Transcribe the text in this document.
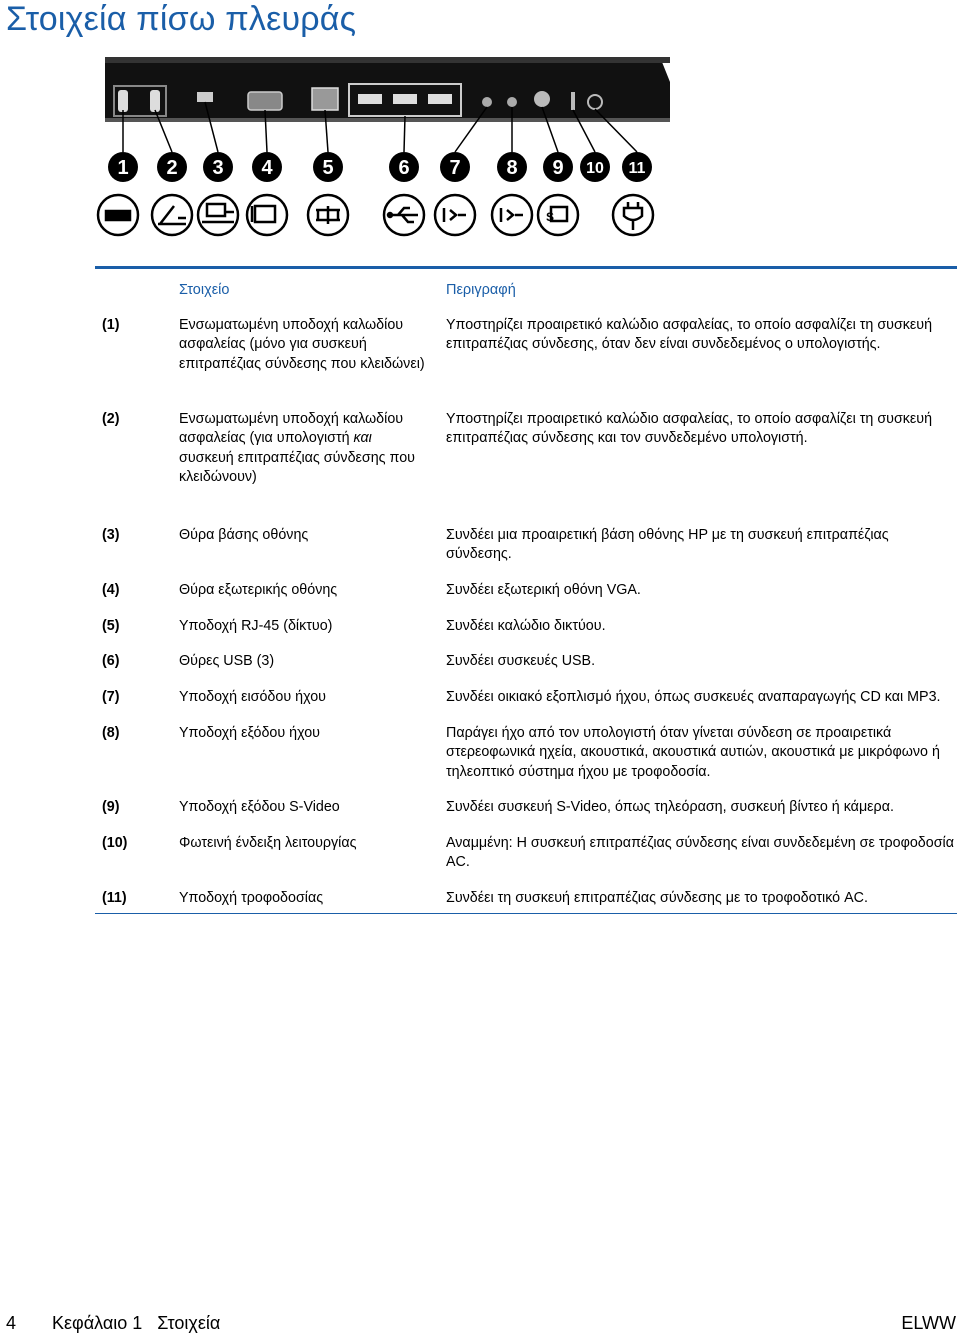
Στοιχεία πίσω πλευράς
1 2 3 4 5	6 7 8 9 10 11
S
	Στοιχείο	Περιγραφή
(1)	Ενσωματωμένη υποδοχή καλωδίου ασφαλείας (μόνο για συσκευή επιτραπέζιας σύνδεσης που κλειδώνει)	Υποστηρίζει προαιρετικό καλώδιο ασφαλείας, το οποίο ασφαλίζει τη συσκευή επιτραπέζιας σύνδεσης, όταν δεν είναι συνδεδεμένος ο υπολογιστής.
(2)	Ενσωματωμένη υποδοχή καλωδίου ασφαλείας (για υπολογιστή και συσκευή επιτραπέζιας σύνδεσης που κλειδώνουν)	Υποστηρίζει προαιρετικό καλώδιο ασφαλείας, το οποίο ασφαλίζει τη συσκευή επιτραπέζιας σύνδεσης και τον συνδεδεμένο υπολογιστή.
(3)	Θύρα βάσης οθόνης	Συνδέει μια προαιρετική βάση οθόνης HP με τη συσκευή επιτραπέζιας σύνδεσης.
(4)	Θύρα εξωτερικής οθόνης	Συνδέει εξωτερική οθόνη VGA.
(5)	Υποδοχή RJ-45 (δίκτυο)	Συνδέει καλώδιο δικτύου.
(6)	Θύρες USB (3)	Συνδέει συσκευές USB.
(7)	Υποδοχή εισόδου ήχου	Συνδέει οικιακό εξοπλισμό ήχου, όπως συσκευές αναπαραγωγής CD και MP3.
(8)	Υποδοχή εξόδου ήχου	Παράγει ήχο από τον υπολογιστή όταν γίνεται σύνδεση σε προαιρετικά στερεοφωνικά ηχεία, ακουστικά, ακουστικά αυτιών, ακουστικά με μικρόφωνο ή τηλεοπτικό σύστημα ήχου με τροφοδοσία.
(9)	Υποδοχή εξόδου S-Video	Συνδέει συσκευή S-Video, όπως τηλεόραση, συσκευή βίντεο ή κάμερα.
(10)	Φωτεινή ένδειξη λειτουργίας	Αναμμένη: Η συσκευή επιτραπέζιας σύνδεσης είναι συνδεδεμένη σε τροφοδοσία AC.
(11)	Υποδοχή τροφοδοσίας	Συνδέει τη συσκευή επιτραπέζιας σύνδεσης με το τροφοδοτικό AC.
4 Κεφάλαιο 1   Στοιχεία	ELWW
